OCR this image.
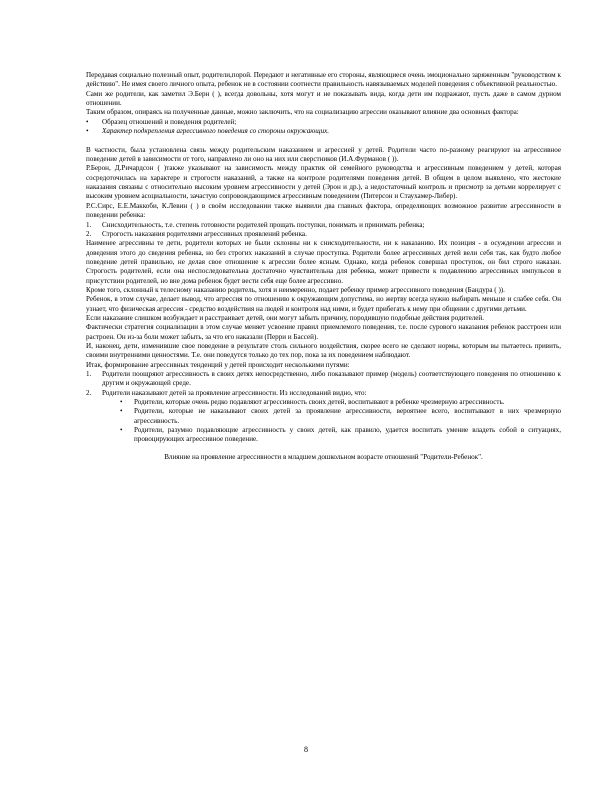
Передавая социально полезный опыт, родители,порой. Передают и негативные его стороны, являющиеся очень эмоционально заряженным "руководством к действию". Не имея своего личного опыта, ребенок не в состоянии соотнести правильность навязываемых моделей поведения с объективной реальностью.

Сами же родители, как заметил Э.Берн ( ), всегда довольны, хотя могут и не показывать вида, когда дети им подражают, пусть даже в самом дурном отношении.

Таким образом, опираясь на полученные данные, можно заключить, что на социализацию агрессии оказывают влияние два основных фактора:

•	Образец отношений и поведения родителей;
•	Характер подкрепления агрессивного поведения со стороны окружающих.

В частности, была установлена связь между родительским наказанием и агрессией у детей. Родители часто по-разному реагируют на агрессивное поведение детей в зависимости от того, направлено ли оно на них или сверстников (И.А.Фурманов ( )).

Р.Берон, Д.Ричардсон ( )также указывают на зависимость между практик ой семейного руководства и агрессивным поведением у детей, которая сосредоточилась на характере и строгости наказаний, а также на контроле родителями поведения детей. В общем в целом выявлено, что жестокие наказания связаны с относительно высоким уровнем агрессивности у детей (Эрон и др.), а недостаточный контроль и присмотр за детьми коррелирует с высоким уровнем асоциальности, зачастую сопровождающимся агрессивным поведением (Питерсон и Стаухамер-Либер).

Р.С.Сирс, Е.Е.Маккоби, К.Левин ( ) в своём исследовании также выявили два главных фактора, определяющих возможное развитие агрессивности в поведении ребенка:

1.	Снисходительность, т.е. степень готовности родителей прощать поступки, понимать и принимать ребенка;
2.	Строгость наказания родителями агрессивных проявлений ребенка.

Наименее агрессивны те дети, родители которых не были склонны ни к снисходительности, ни к наказанию. Их позиция - в осуждении агрессии и доведения этого до сведения ребенка, но без строгих наказаний в случае проступка. Родители более агрессивных детей вели себя так, как будто любое поведение детей правильно, не делая свое отношение к агрессии более ясным. Однако, когда ребенок совершал проступок, он бил строго наказан. Строгость родителей, если она неспоследовательна достаточно чувствительна для ребенка, может привести к подавлению агрессивных импульсов в присутствии родителей, но вне дома ребенок будет вести себя еще более агрессивно.

Кроме того, склонный к телесному наказанию родитель, хотя и неимеренно, подает ребенку пример агрессивного поведения (Бандура ( )).

Ребенок, в этом случае, делает вывод, что агрессия по отношению к окружающим допустима, но жертву всегда нужно выбирать меньше и слабее себя. Он узнает, что физическая агрессия - средство воздействия на людей и контроля над ними, и будет прибегать к нему при общении с другими детьми.

Если наказание слишком возбуждает и расстраивает детей, они могут забыть причину, породившую подобные действия родителей.

Фактически стратегия социализации в этом случае меняет усвоение правил приемлемого поведения, т.е. после сурового наказания ребенок расстроен или растроен. Он из-за боли может забыть, за что его наказали (Перри и Бассей).

И, наконец, дети, изменившие свое поведение в результате столь сильного воздействия, скорее всего не сделают нормы, которым вы пытаетесь привить, своими внутренними ценностями. Т.е. они поведутся только до тех пор, пока за их поведением наблюдают.

Итак, формирование агрессивных тенденций у детей происходит несколькими путями:

1.	Родители поощряют агрессивность в своих детях непосредственно, либо показывают пример (модель) соответствующего поведения по отношению к другим и окружающей среде.
2.	Родители наказывают детей за проявление агрессивности. Из исследований видно, что:
•	Родители, которые очень редко подавляют агрессивность своих детей, воспитывают в ребенке чрезмерную агрессивность.
•	Родители, которые не наказывают своих детей за проявление агрессивности, вероятнее всего, воспитывают в них чрезмерную агрессивность.
•	Родители, разумно подавляющие агрессивность у своих детей, как правило, удается воспитать умение владеть собой в ситуациях, провоцирующих агрессивное поведение.

Влияние на проявление агрессивности в младшем дошкольном возрасте отношений "Родители-Ребенок".

8
